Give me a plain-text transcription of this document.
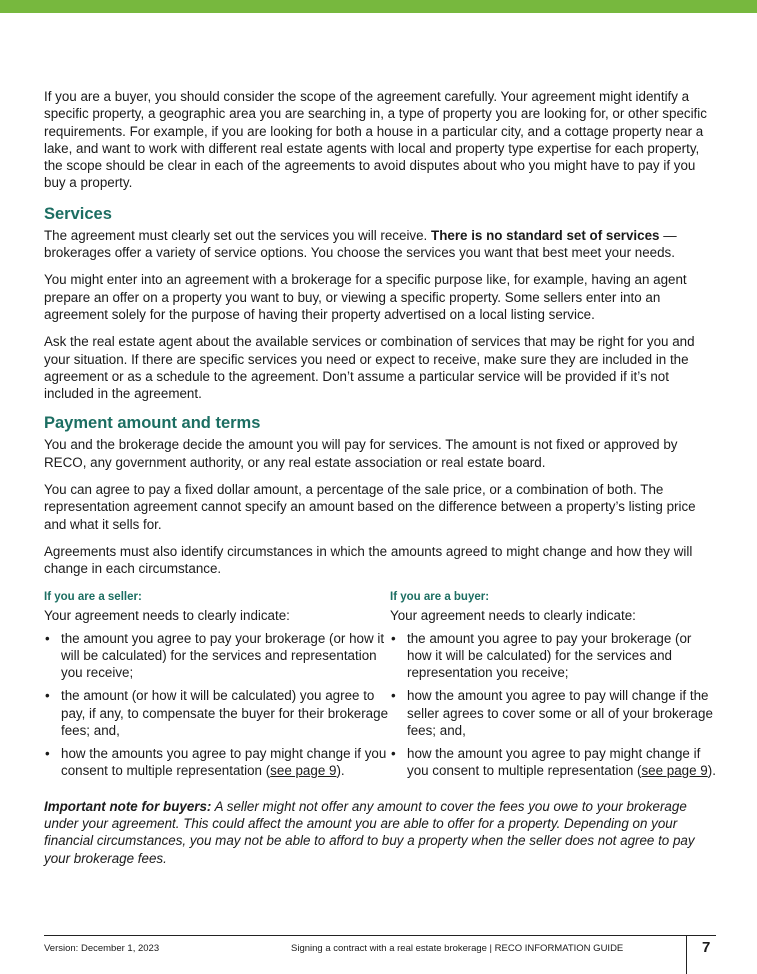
If you are a buyer, you should consider the scope of the agreement carefully. Your agreement might identify a specific property, a geographic area you are searching in, a type of property you are looking for, or other specific requirements. For example, if you are looking for both a house in a particular city, and a cottage property near a lake, and want to work with different real estate agents with local and property type expertise for each property, the scope should be clear in each of the agreements to avoid disputes about who you might have to pay if you buy a property.

Services

The agreement must clearly set out the services you will receive. There is no standard set of services — brokerages offer a variety of service options. You choose the services you want that best meet your needs.

You might enter into an agreement with a brokerage for a specific purpose like, for example, having an agent prepare an offer on a property you want to buy, or viewing a specific property. Some sellers enter into an agreement solely for the purpose of having their property advertised on a local listing service.

Ask the real estate agent about the available services or combination of services that may be right for you and your situation. If there are specific services you need or expect to receive, make sure they are included in the agreement or as a schedule to the agreement. Don’t assume a particular service will be provided if it’s not included in the agreement.

Payment amount and terms

You and the brokerage decide the amount you will pay for services. The amount is not fixed or approved by RECO, any government authority, or any real estate association or real estate board.

You can agree to pay a fixed dollar amount, a percentage of the sale price, or a combination of both. The representation agreement cannot specify an amount based on the difference between a property’s listing price and what it sells for.

Agreements must also identify circumstances in which the amounts agreed to might change and how they will change in each circumstance.

If you are a seller:

Your agreement needs to clearly indicate:

• the amount you agree to pay your brokerage (or how it will be calculated) for the services and representation you receive;
• the amount (or how it will be calculated) you agree to pay, if any, to compensate the buyer for their brokerage fees; and,
• how the amounts you agree to pay might change if you consent to multiple representation (see page 9).
If you are a buyer:

Your agreement needs to clearly indicate:

• the amount you agree to pay your brokerage (or how it will be calculated) for the services and representation you receive;
• how the amount you agree to pay will change if the seller agrees to cover some or all of your brokerage fees; and,
• how the amount you agree to pay might change if you consent to multiple representation (see page 9).

Important note for buyers: A seller might not offer any amount to cover the fees you owe to your brokerage under your agreement. This could affect the amount you are able to offer for a property. Depending on your financial circumstances, you may not be able to afford to buy a property when the seller does not agree to pay your brokerage fees.

Version: December 1, 2023	Signing a contract with a real estate brokerage | RECO INFORMATION GUIDE	7
